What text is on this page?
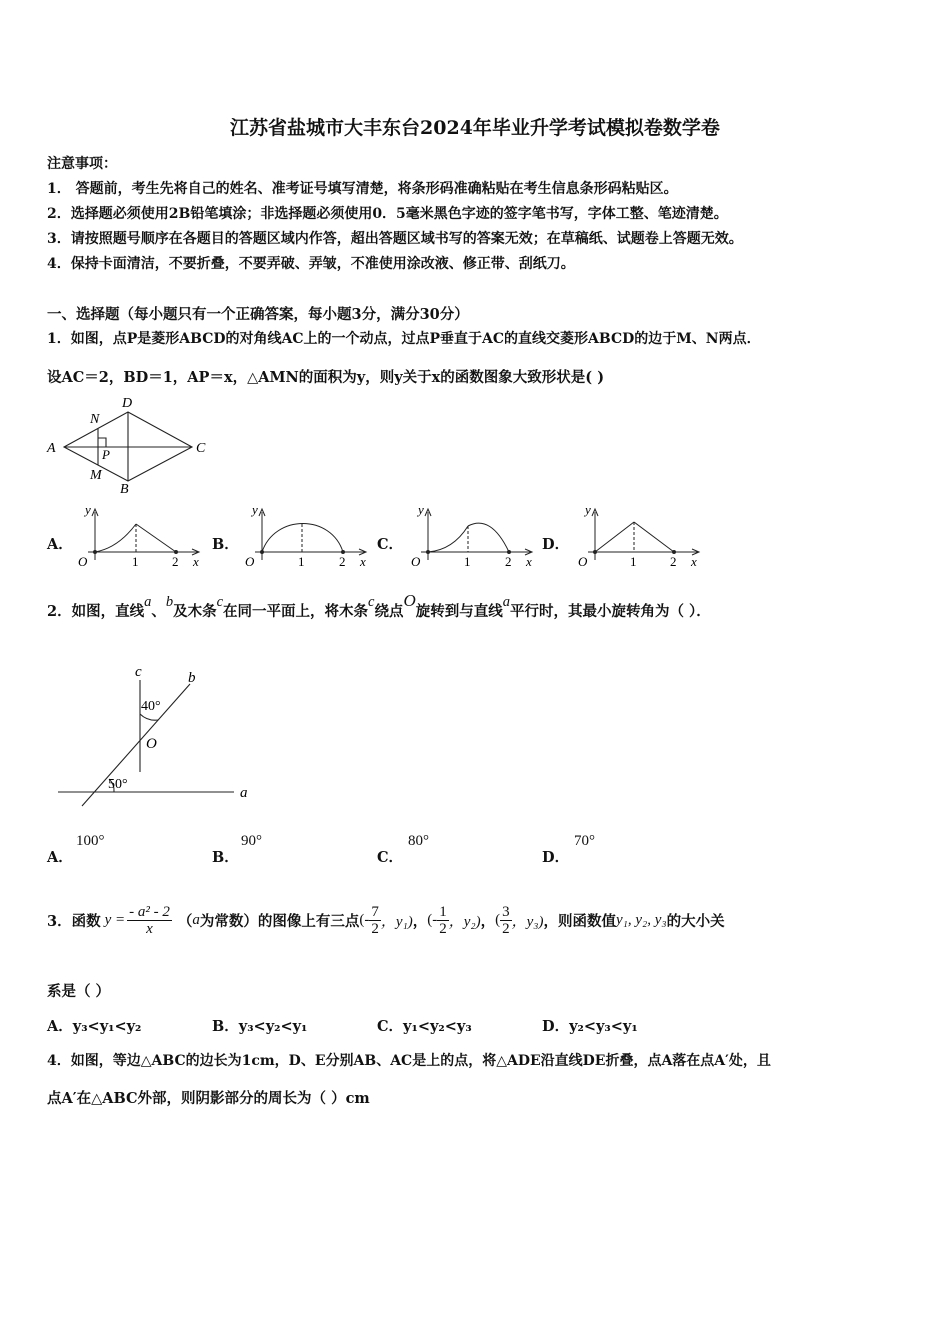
江苏省盐城市大丰东台2024年毕业升学考试模拟卷数学卷
注意事项：
1． 答题前，考生先将自己的姓名、准考证号填写清楚，将条形码准确粘贴在考生信息条形码粘贴区。
2．选择题必须使用2B铅笔填涂；非选择题必须使用0．5毫米黑色字迹的签字笔书写，字体工整、笔迹清楚。
3．请按照题号顺序在各题目的答题区域内作答，超出答题区域书写的答案无效；在草稿纸、试题卷上答题无效。
4．保持卡面清洁，不要折叠，不要弄破、弄皱，不准使用涂改液、修正带、刮纸刀。
一、选择题（每小题只有一个正确答案，每小题3分，满分30分）
1．如图，点P是菱形ABCD的对角线AC上的一个动点，过点P垂直于AC的直线交菱形ABCD的边于M、N两点．
设AC＝2，BD＝1，AP＝x，△AMN的面积为y，则y关于x的函数图象大致形状是( )
A
D
C
B
N
P
M
A．	B．	C．	D．
y
O	1	2 x
y
O	1	2 x
y
O	1	2 x
y
O	1	2 x
2．如图，直线a、b及木条c在同一平面上，将木条c绕点O旋转到与直线a平行时，其最小旋转角为（ ）．
c	b
a
O
40°
50°
A．
100°
B．
90°
C．
80°
D．
70°
3．函数 $y = \frac{\text{- a² - 2}}{x}$ （ a 为常数）的图像上有三点 (- $\frac{7}{2}$ ，y₁) ， (- $\frac{1}{2}$ ，y₂) ， ( $\frac{3}{2}$ ，y₃) ，则函数值 y₁, y₂, y₃ 的大小关
系是（ ）
A．y₃<y₁<y₂	B．y₃<y₂<y₁	C．y₁<y₂<y₃	D．y₂<y₃<y₁
4．如图，等边△ABC的边长为1cm，D、E分别AB、AC是上的点，将△ADE沿直线DE折叠，点A落在点A′处，且
点A′在△ABC外部，则阴影部分的周长为（ ）cm
